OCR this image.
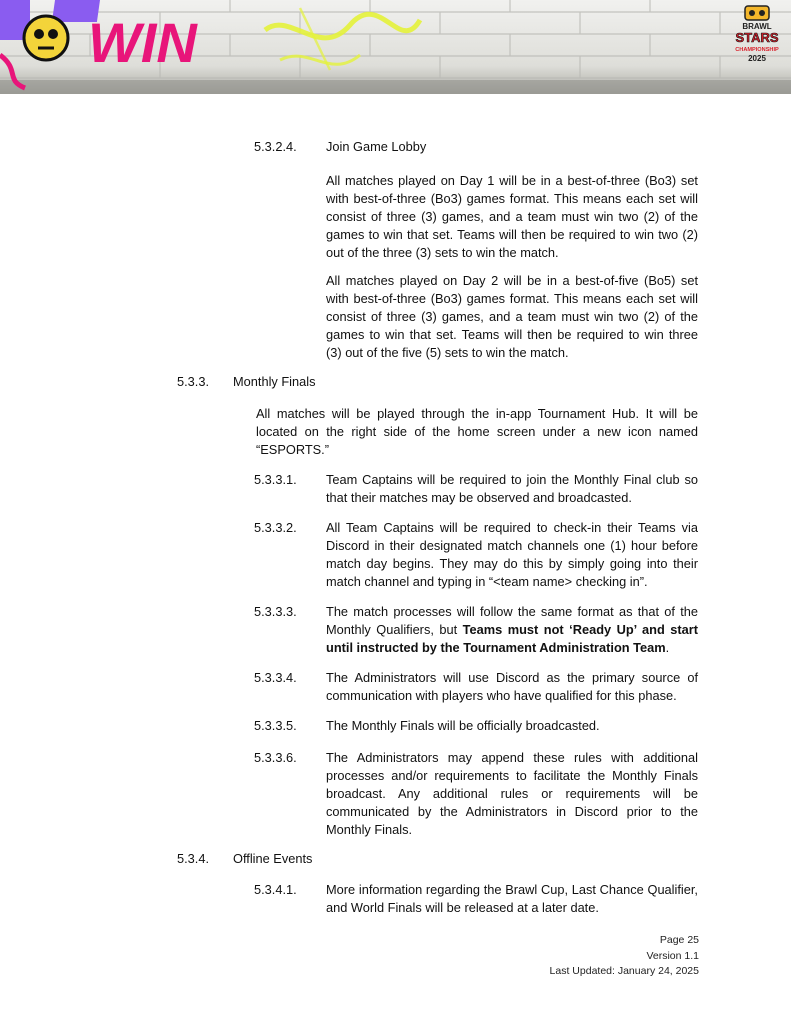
WIN	BRAWL
STARS
CHAMPIONSHIP
2025
5.3.2.4. Join Game Lobby

All matches played on Day 1 will be in a best-of-three (Bo3) set with best-of-three (Bo3) games format. This means each set will consist of three (3) games, and a team must win two (2) of the games to win that set. Teams will then be required to win two (2) out of the three (3) sets to win the match.

All matches played on Day 2 will be in a best-of-five (Bo5) set with best-of-three (Bo3) games format. This means each set will consist of three (3) games, and a team must win two (2) of the games to win that set. Teams will then be required to win three (3) out of the five (5) sets to win the match.

5.3.3. Monthly Finals

All matches will be played through the in-app Tournament Hub. It will be located on the right side of the home screen under a new icon named “ESPORTS.”

5.3.3.1. Team Captains will be required to join the Monthly Final club so that their matches may be observed and broadcasted.

5.3.3.2. All Team Captains will be required to check-in their Teams via Discord in their designated match channels one (1) hour before match day begins. They may do this by simply going into their match channel and typing in “<team name> checking in”.

5.3.3.3. The match processes will follow the same format as that of the Monthly Qualifiers, but Teams must not ‘Ready Up’ and start until instructed by the Tournament Administration Team.

5.3.3.4. The Administrators will use Discord as the primary source of communication with players who have qualified for this phase.

5.3.3.5. The Monthly Finals will be officially broadcasted.

5.3.3.6. The Administrators may append these rules with additional processes and/or requirements to facilitate the Monthly Finals broadcast. Any additional rules or requirements will be communicated by the Administrators in Discord prior to the Monthly Finals.

5.3.4. Offline Events
5.3.4.1. More information regarding the Brawl Cup, Last Chance Qualifier, and World Finals will be released at a later date.

Page 25
Version 1.1
Last Updated: January 24, 2025
